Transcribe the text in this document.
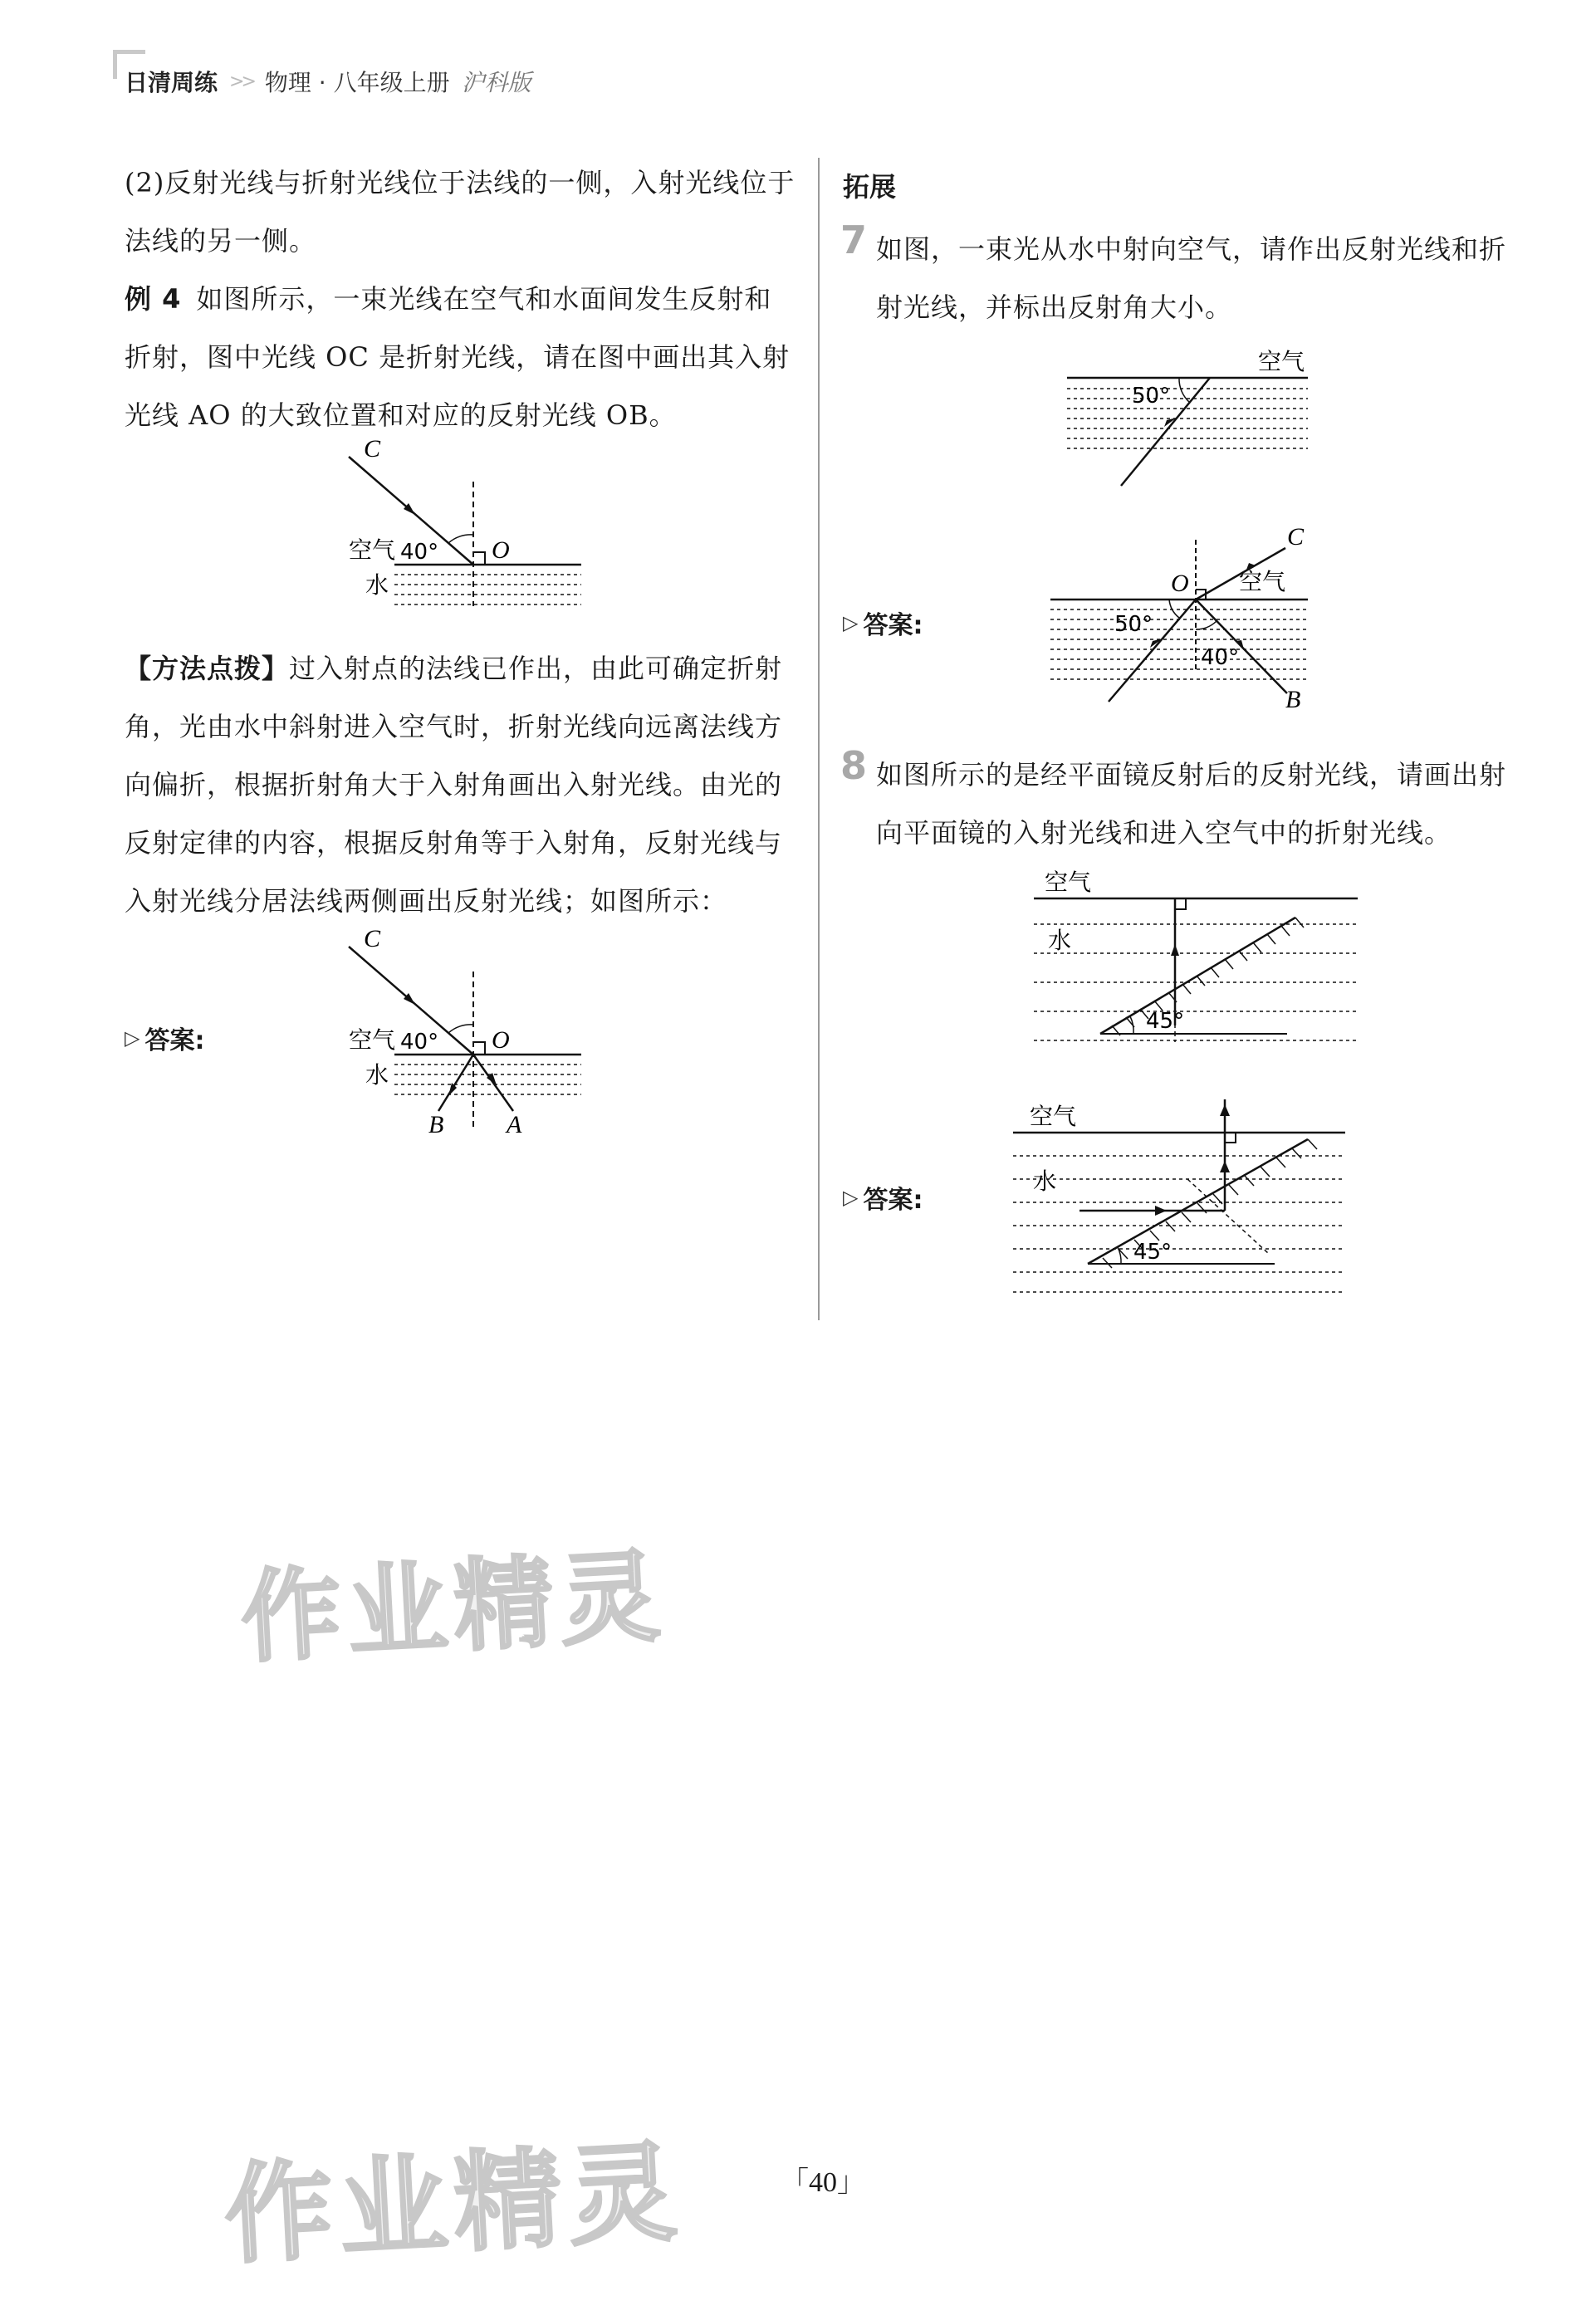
日清周练 >> 物理 · 八年级上册 沪科版
(2)反射光线与折射光线位于法线的一侧，入射光线位于法线的另一侧。
例 4 如图所示，一束光线在空气和水面间发生反射和折射，图中光线 OC 是折射光线，请在图中画出其入射光线 AO 的大致位置和对应的反射光线 OB。
C
O
空气 40°
水
【方法点拨】过入射点的法线已作出，由此可确定折射角，光由水中斜射进入空气时，折射光线向远离法线方向偏折，根据折射角大于入射角画出入射光线。由光的反射定律的内容，根据反射角等于入射角，反射光线与入射光线分居法线两侧画出反射光线；如图所示：
▷ 答案:
C
O
空气 40°
水
B	A
拓展
7 如图，一束光从水中射向空气，请作出反射光线和折射光线，并标出反射角大小。
50°
空气
▷ 答案:
O
C
空气
50°
40°
B
8 如图所示的是经平面镜反射后的反射光线，请画出射向平面镜的入射光线和进入空气中的折射光线。
45°
空气
水
▷ 答案:
45°
空气
水
作业精灵
作业精灵	「40」
